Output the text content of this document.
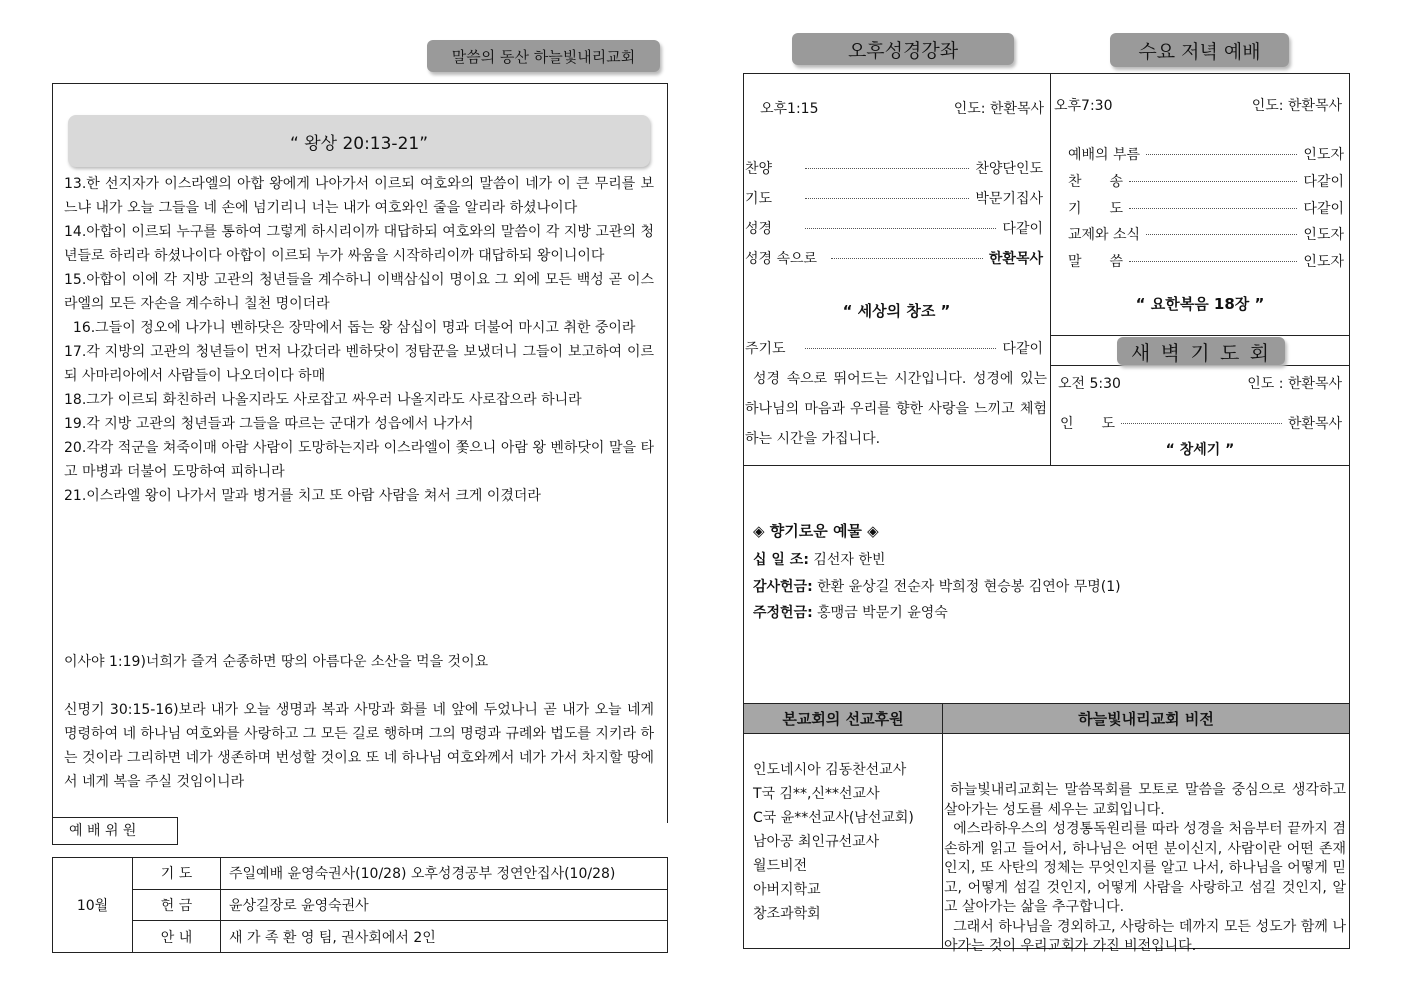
말씀의 동산 하늘빛내리교회
“ 왕상 20:13-21”

13.한 선지자가 이스라엘의 아합 왕에게 나아가서 이르되 여호와의 말씀이 네가 이 큰 무리를 보느냐 내가 오늘 그들을 네 손에 넘기리니 너는 내가 여호와인 줄을 알리라 하셨나이다

14.아합이 이르되 누구를 통하여 그렇게 하시리이까 대답하되 여호와의 말씀이 각 지방 고관의 청년들로 하리라 하셨나이다 아합이 이르되 누가 싸움을 시작하리이까 대답하되 왕이니이다

15.아합이 이에 각 지방 고관의 청년들을 계수하니 이백삼십이 명이요 그 외에 모든 백성 곧 이스라엘의 모든 자손을 계수하니 칠천 명이더라

16.그들이 정오에 나가니 벤하닷은 장막에서 돕는 왕 삼십이 명과 더불어 마시고 취한 중이라

17.각 지방의 고관의 청년들이 먼저 나갔더라 벤하닷이 정탐꾼을 보냈더니 그들이 보고하여 이르되 사마리아에서 사람들이 나오더이다 하매

18.그가 이르되 화친하러 나올지라도 사로잡고 싸우러 나올지라도 사로잡으라 하니라

19.각 지방 고관의 청년들과 그들을 따르는 군대가 성읍에서 나가서

20.각각 적군을 쳐죽이매 아람 사람이 도망하는지라 이스라엘이 쫓으니 아람 왕 벤하닷이 말을 타고 마병과 더불어 도망하여 피하니라

21.이스라엘 왕이 나가서 말과 병거를 치고 또 아람 사람을 쳐서 크게 이겼더라

이사야 1:19)너희가 즐겨 순종하면 땅의 아름다운 소산을 먹을 것이요

신명기 30:15-16)보라 내가 오늘 생명과 복과 사망과 화를 네 앞에 두었나니 곧 내가 오늘 네게 명령하여 네 하나님 여호와를 사랑하고 그 모든 길로 행하며 그의 명령과 규례와 법도를 지키라 하는 것이라 그리하면 네가 생존하며 번성할 것이요 또 네 하나님 여호와께서 네가 가서 차지할 땅에서 네게 복을 주실 것임이니라

예 배 위 원
10월	기 도	주일예배 윤영숙권사(10/28) 오후성경공부 정연안집사(10/28)
	헌 금	윤상길장로 윤영숙권사
	안 내	새 가 족 환 영 팀, 권사회에서 2인
오후성경강좌	수요 저녁 예배
오후1:15	인도: 한환목사
찬양	찬양단인도
기도	박문기집사
성경	다같이
성경 속으로	한환목사
“ 세상의 창조 ”
주기도	다같이
성경 속으로 뛰어드는 시간입니다. 성경에 있는 하나님의 마음과 우리를 향한 사랑을 느끼고 체험하는 시간을 가집니다.
오후7:30	인도: 한환목사
예배의 부름	인도자
찬　　송	다같이
기　　도	다같이
교제와 소식	인도자
말　　씀	인도자
“ 요한복음 18장 ”
새 벽 기 도 회
오전 5:30	인도 : 한환목사
인　　도	한환목사
“ 창세기 ”
◈ 향기로운 예물 ◈
십 일 조: 김선자 한빈
감사헌금: 한환 윤상길 전순자 박희정 현승봉 김연아 무명(1)
주정헌금: 홍맹금 박문기 윤영숙
본교회의 선교후원	하늘빛내리교회 비전
인도네시아 김동찬선교사
T국 김**,신**선교사
C국 윤**선교사(남선교회)
남아공 최인규선교사
월드비전
아버지학교
창조과학회

하늘빛내리교회는 말씀목회를 모토로 말씀을 중심으로 생각하고 살아가는 성도를 세우는 교회입니다.
에스라하우스의 성경통독원리를 따라 성경을 처음부터 끝까지 겸손하게 읽고 들어서, 하나님은 어떤 분이신지, 사람이란 어떤 존재인지, 또 사탄의 정체는 무엇인지를 알고 나서, 하나님을 어떻게 믿고, 어떻게 섬길 것인지, 어떻게 사람을 사랑하고 섬길 것인지, 알고 살아가는 삶을 추구합니다.
그래서 하나님을 경외하고, 사랑하는 데까지 모든 성도가 함께 나아가는 것이 우리교회가 가진 비전입니다.
